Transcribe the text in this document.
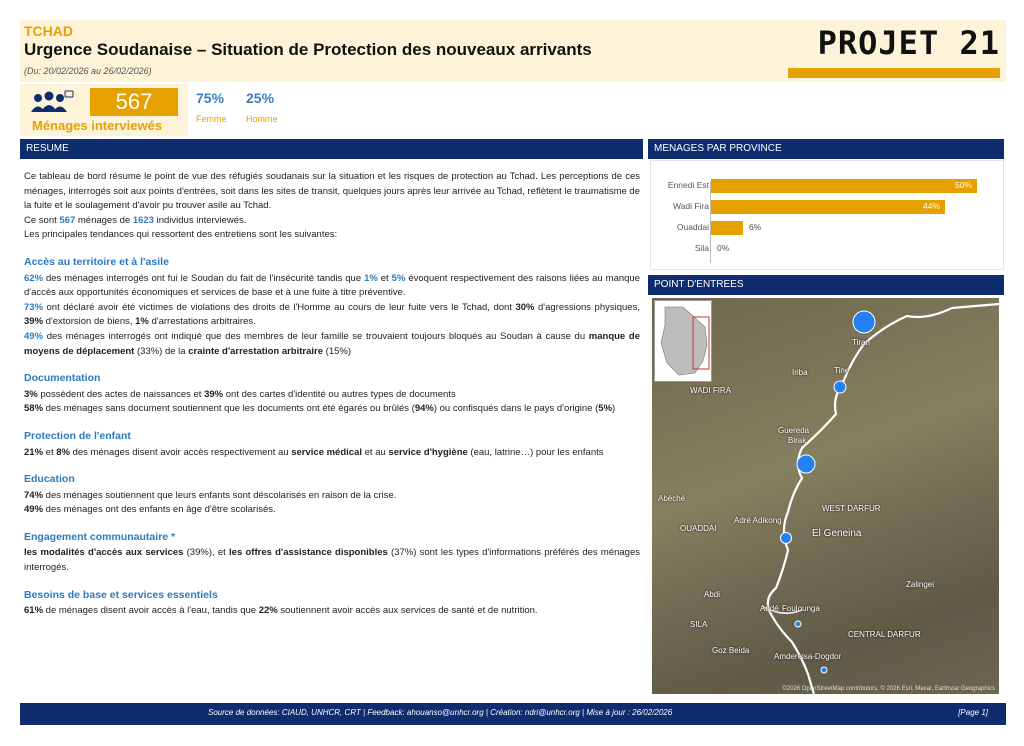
TCHAD
Urgence Soudanaise – Situation de Protection des nouveaux arrivants
(Du: 20/02/2026 au 26/02/2026)
PROJET 21
567
Ménages interviewés
75%
Femme
25%
Homme
RESUME

Ce tableau de bord résume le point de vue des réfugiés soudanais sur la situation et les risques de protection au Tchad. Les perceptions de ces ménages, interrogés soit aux points d'entrées, soit dans les sites de transit, quelques jours après leur arrivée au Tchad, reflètent le traumatisme de la fuite et le soulagement d'avoir pu trouver asile au Tchad.

Ce sont 567 ménages de 1623 individus interviewés.

Les principales tendances qui ressortent des entretiens sont les suivantes:

Accès au territoire et à l'asile

62% des ménages interrogés ont fui le Soudan du fait de l'insécurité tandis que 1% et 5% évoquent respectivement des raisons liées au manque d'accès aux opportunités économiques et services de base et à une fuite à titre préventive.

73% ont déclaré avoir été victimes de violations des droits de l'Homme au cours de leur fuite vers le Tchad, dont 30% d'agressions physiques, 39% d'extorsion de biens, 1% d'arrestations arbitraires.

49% des ménages interrogés ont indiqué que des membres de leur famille se trouvaient toujours bloqués au Soudan à cause du manque de moyens de déplacement (33%) de la crainte d'arrestation arbitraire (15%)

Documentation

3% possèdent des actes de naissances et 39% ont des cartes d'identité ou autres types de documents

58% des ménages sans document soutiennent que les documents ont été égarés ou brûlés (94%) ou confisqués dans le pays d'origine (5%)

Protection de l'enfant

21% et 8% des ménages disent avoir accès respectivement au service médical et au service d'hygiène (eau, latrine…) pour les enfants

Education

74% des ménages soutiennent que leurs enfants sont déscolarisés en raison de la crise.

49% des ménages ont des enfants en âge d'être scolarisés.

Engagement communautaire *

les modalités d'accès aux services (39%), et les offres d'assistance disponibles (37%) sont les types d'informations préférés des ménages interrogés.

Besoins de base et services essentiels

61% de ménages disent avoir accès à l'eau, tandis que 22% soutiennent avoir accès aux services de santé et de nutrition.

MENAGES PAR PROVINCE
Ennedi Est	50%
Wadi Fira	44%
Ouaddai	6%
Sila 0%
POINT D'ENTREES
Tiran
Iriba	Tine
WADI FIRA
Guereda
Birak
Abéché
WEST DARFUR
OUADDAI
Adré Adikong
El Geneina
Zalingei
Abdi
Addé Foulounga
SILA
CENTRAL DARFUR
Goz Beida
Amdereisa-Dogdor
©2026 OpenStreetMap contributors, © 2026 Esri, Maxar, Earthstar Geographics
Source de données: CIAUD, UNHCR, CRT | Feedback: ahouanso@unhcr.org | Création: ndri@unhcr.org | Mise à jour : 26/02/2026	[Page 1]
